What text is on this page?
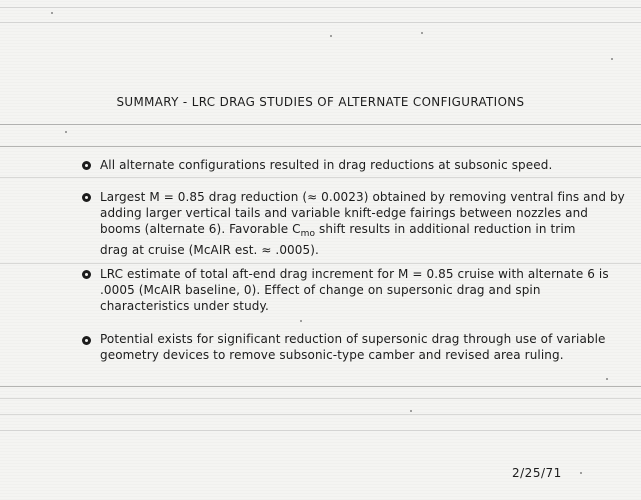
SUMMARY - LRC DRAG STUDIES OF ALTERNATE CONFIGURATIONS
All alternate configurations resulted in drag reductions at subsonic speed.
Largest M = 0.85 drag reduction (≈ 0.0023) obtained by removing ventral fins and by
adding larger vertical tails and variable knift-edge fairings between nozzles and
booms (alternate 6). Favorable $C_{mo}$ shift results in additional reduction in trim
drag at cruise (McAIR est. ≈ .0005).
LRC estimate of total aft-end drag increment for M = 0.85 cruise with alternate 6 is
.0005 (McAIR baseline, 0). Effect of change on supersonic drag and spin
characteristics under study.
Potential exists for significant reduction of supersonic drag through use of variable
geometry devices to remove subsonic-type camber and revised area ruling.
2/25/71
